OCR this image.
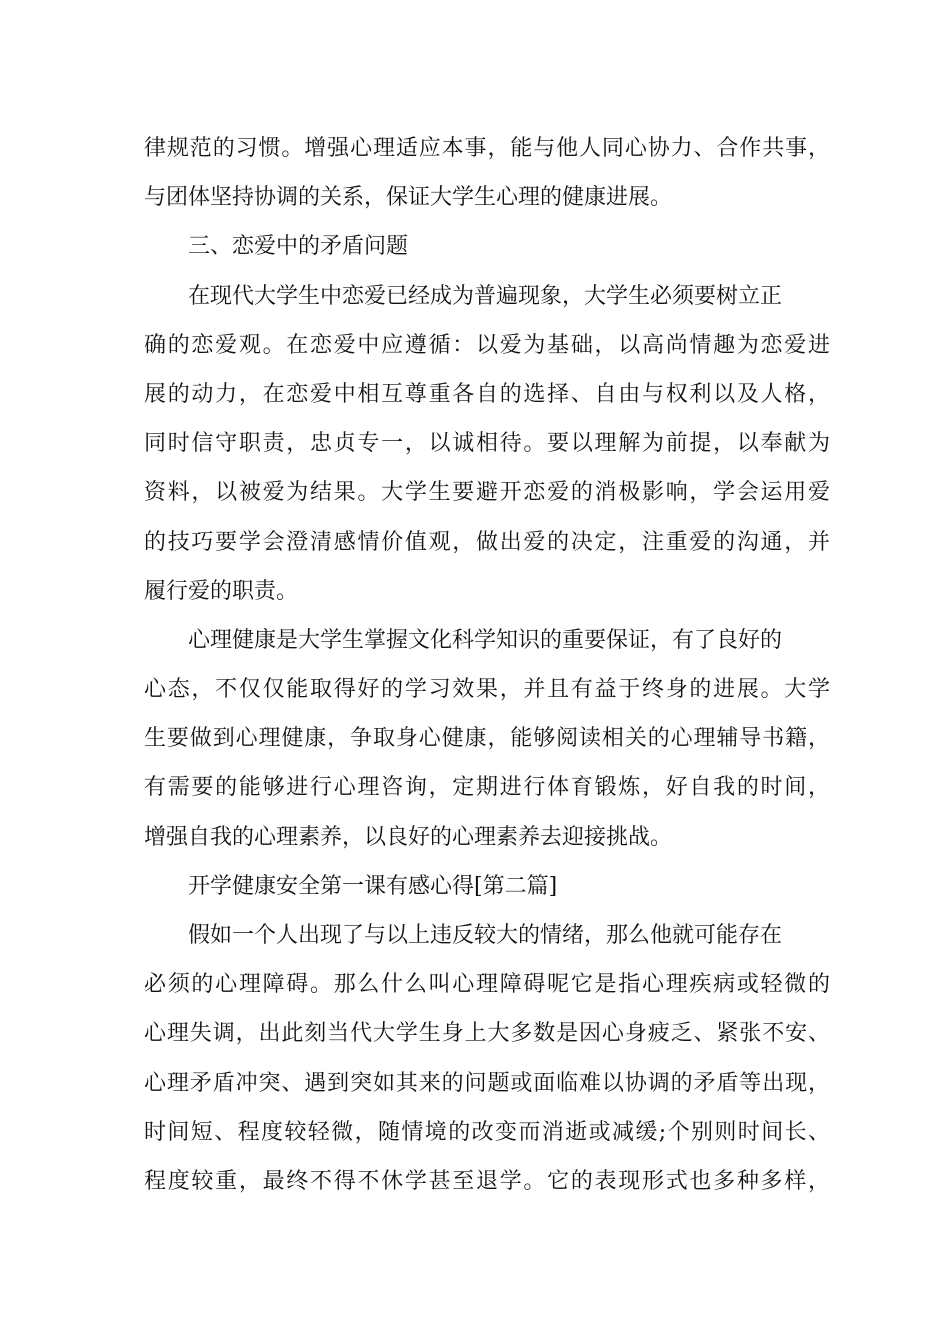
律规范的习惯。增强心理适应本事，能与他人同心协力、合作共事，
与团体坚持协调的关系，保证大学生心理的健康进展。
三、恋爱中的矛盾问题
在现代大学生中恋爱已经成为普遍现象，大学生必须要树立正
确的恋爱观。在恋爱中应遵循：以爱为基础，以高尚情趣为恋爱进
展的动力，在恋爱中相互尊重各自的选择、自由与权利以及人格，
同时信守职责，忠贞专一，以诚相待。要以理解为前提，以奉献为
资料，以被爱为结果。大学生要避开恋爱的消极影响，学会运用爱
的技巧要学会澄清感情价值观，做出爱的决定，注重爱的沟通，并
履行爱的职责。
心理健康是大学生掌握文化科学知识的重要保证，有了良好的
心态，不仅仅能取得好的学习效果，并且有益于终身的进展。大学
生要做到心理健康，争取身心健康，能够阅读相关的心理辅导书籍，
有需要的能够进行心理咨询，定期进行体育锻炼，好自我的时间，
增强自我的心理素养，以良好的心理素养去迎接挑战。
开学健康安全第一课有感心得[第二篇]
假如一个人出现了与以上违反较大的情绪，那么他就可能存在
必须的心理障碍。那么什么叫心理障碍呢它是指心理疾病或轻微的
心理失调，出此刻当代大学生身上大多数是因心身疲乏、紧张不安、
心理矛盾冲突、遇到突如其来的问题或面临难以协调的矛盾等出现，
时间短、程度较轻微，随情境的改变而消逝或减缓;个别则时间长、
程度较重，最终不得不休学甚至退学。它的表现形式也多种多样，
